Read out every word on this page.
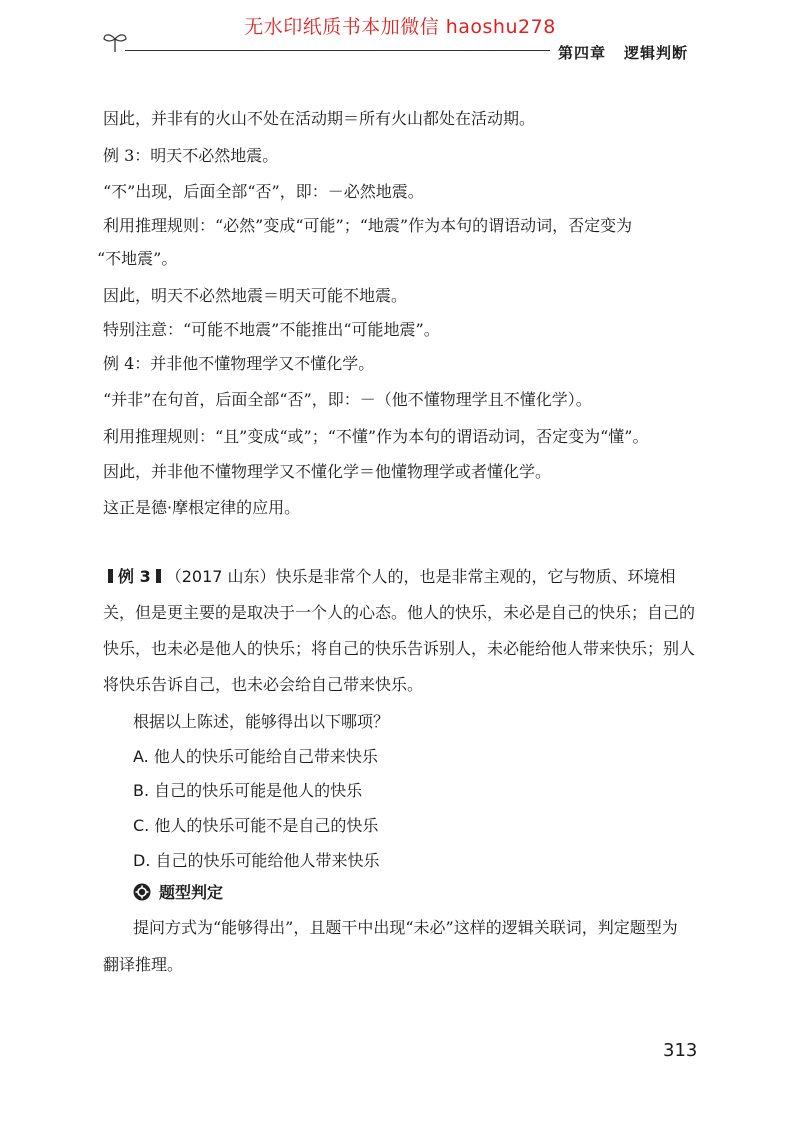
无水印纸质书本加微信 haoshu278
第四章 逻辑判断
因此，并非有的火山不处在活动期＝所有火山都处在活动期。
例 3：明天不必然地震。
“不”出现，后面全部“否”，即：－必然地震。
利用推理规则：“必然”变成“可能”；“地震”作为本句的谓语动词，否定变为
“不地震”。
因此，明天不必然地震＝明天可能不地震。
特别注意：“可能不地震”不能推出“可能地震”。
例 4：并非他不懂物理学又不懂化学。
“并非”在句首，后面全部“否”，即：－（他不懂物理学且不懂化学）。
利用推理规则：“且”变成“或”；“不懂”作为本句的谓语动词，否定变为“懂”。
因此，并非他不懂物理学又不懂化学＝他懂物理学或者懂化学。
这正是德·摩根定律的应用。
例 3 （2017 山东）快乐是非常个人的，也是非常主观的，它与物质、环境相关，但是更主要的是取决于一个人的心态。他人的快乐，未必是自己的快乐；自己的快乐，也未必是他人的快乐；将自己的快乐告诉别人，未必能给他人带来快乐；别人将快乐告诉自己，也未必会给自己带来快乐。
根据以上陈述，能够得出以下哪项？
A. 他人的快乐可能给自己带来快乐
B. 自己的快乐可能是他人的快乐
C. 他人的快乐可能不是自己的快乐
D. 自己的快乐可能给他人带来快乐
题型判定
提问方式为“能够得出”，且题干中出现“未必”这样的逻辑关联词，判定题型为
翻译推理。
313
